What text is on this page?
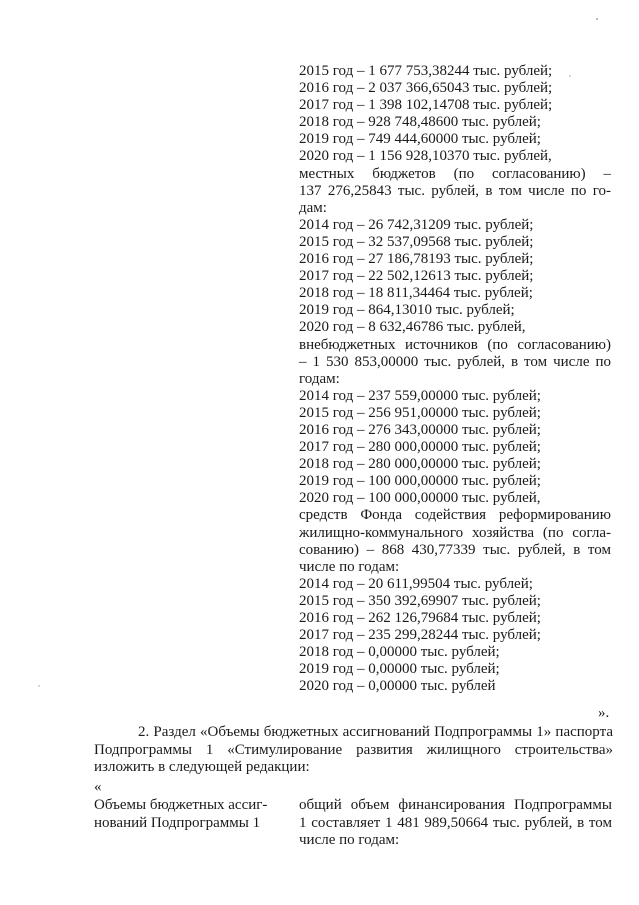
2015 год – 1 677 753,38244 тыс. рублей;
2016 год – 2 037 366,65043 тыс. рублей;
2017 год – 1 398 102,14708 тыс. рублей;
2018 год – 928 748,48600 тыс. рублей;
2019 год – 749 444,60000 тыс. рублей;
2020 год – 1 156 928,10370 тыс. рублей,
местных бюджетов (по согласованию) –
137 276,25843 тыс. рублей, в том числе по го-
дам:
2014 год – 26 742,31209 тыс. рублей;
2015 год – 32 537,09568 тыс. рублей;
2016 год – 27 186,78193 тыс. рублей;
2017 год – 22 502,12613 тыс. рублей;
2018 год – 18 811,34464 тыс. рублей;
2019 год – 864,13010 тыс. рублей;
2020 год – 8 632,46786 тыс. рублей,
внебюджетных источников (по согласованию)
– 1 530 853,00000 тыс. рублей, в том числе по
годам:
2014 год – 237 559,00000 тыс. рублей;
2015 год – 256 951,00000 тыс. рублей;
2016 год – 276 343,00000 тыс. рублей;
2017 год – 280 000,00000 тыс. рублей;
2018 год – 280 000,00000 тыс. рублей;
2019 год – 100 000,00000 тыс. рублей;
2020 год – 100 000,00000 тыс. рублей,
средств Фонда содействия реформированию
жилищно-коммунального хозяйства (по согла-
сованию) – 868 430,77339 тыс. рублей, в том
числе по годам:
2014 год – 20 611,99504 тыс. рублей;
2015 год – 350 392,69907 тыс. рублей;
2016 год – 262 126,79684 тыс. рублей;
2017 год – 235 299,28244 тыс. рублей;
2018 год – 0,00000 тыс. рублей;
2019 год – 0,00000 тыс. рублей;
2020 год – 0,00000 тыс. рублей
».
2. Раздел «Объемы бюджетных ассигнований Подпрограммы 1» паспорта Подпрограммы 1 «Стимулирование развития жилищного строительства» изложить в следующей редакции:
«
Объемы бюджетных ассиг-
нований Подпрограммы 1
общий объем финансирования Подпрограммы
1 составляет 1 481 989,50664 тыс. рублей, в том
числе по годам:
